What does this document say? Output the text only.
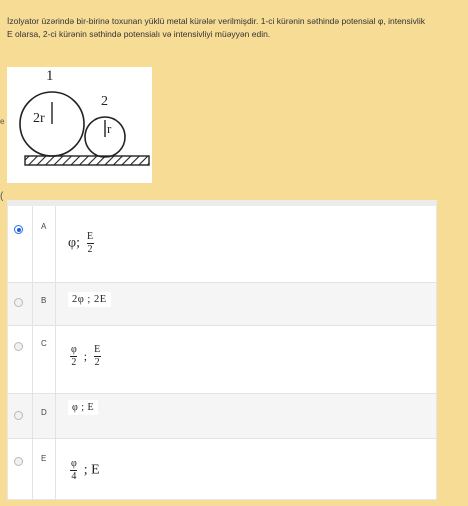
İzolyator üzərində bir-birinə toxunan yüklü metal kürələr verilmişdir. 1-ci kürənin səthində potensial φ, intensivlik E olarsa, 2-ci kürənin səthində potensialı və intensivliyi müəyyən edin.
1
2r
2
r
e
(
A
φ; $\frac{E}{2}$
B	2φ ; 2E
C
$\frac{\varphi}{2}$ ; $\frac{E}{2}$
D	φ ; E
E $\frac{\varphi}{4}$ ; E
